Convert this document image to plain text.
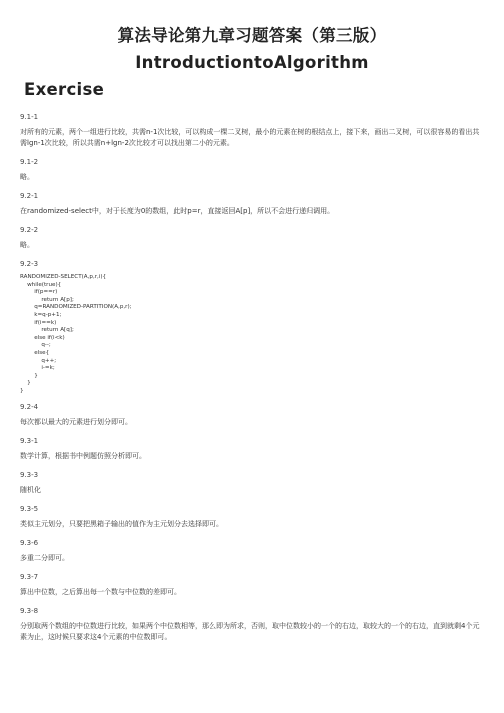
算法导论第九章习题答案（第三版）IntroductiontoAlgorithm
Exercise
9.1-1

对所有的元素，两个一组进行比较，共需n-1次比较，可以构成一棵二叉树，最小的元素在树的根结点上，接下来，画出二叉树，可以很容易的看出共需lgn-1次比较，所以共需n+lgn-2次比较才可以找出第二小的元素。

9.1-2

略。

9.2-1

在randomized-select中，对于长度为0的数组，此时p=r，直接返回A[p]，所以不会进行递归调用。

9.2-2

略。

9.2-3
RANDOMIZED-SELECT(A,p,r,i){
while(true){
if(p==r)
return A[p];
q=RANDOMIZED-PARTITION(A,p,r);
k=q-p+1;
if(i==k)
return A[q];
else if(i<k)
q--;
else{
q++;
i-=k;
}
}
}
9.2-4

每次都以最大的元素进行划分即可。

9.3-1

数学计算，根据书中例题仿照分析即可。

9.3-3

随机化

9.3-5

类似主元划分，只要把黑箱子输出的值作为主元划分去选择即可。

9.3-6

多重二分即可。

9.3-7

算出中位数，之后算出每一个数与中位数的差即可。

9.3-8

分别取两个数组的中位数进行比较，如果两个中位数相等，那么即为所求，否则，取中位数较小的一个的右边，取较大的一个的右边，直到就剩4个元素为止，这时候只要求这4个元素的中位数即可。
